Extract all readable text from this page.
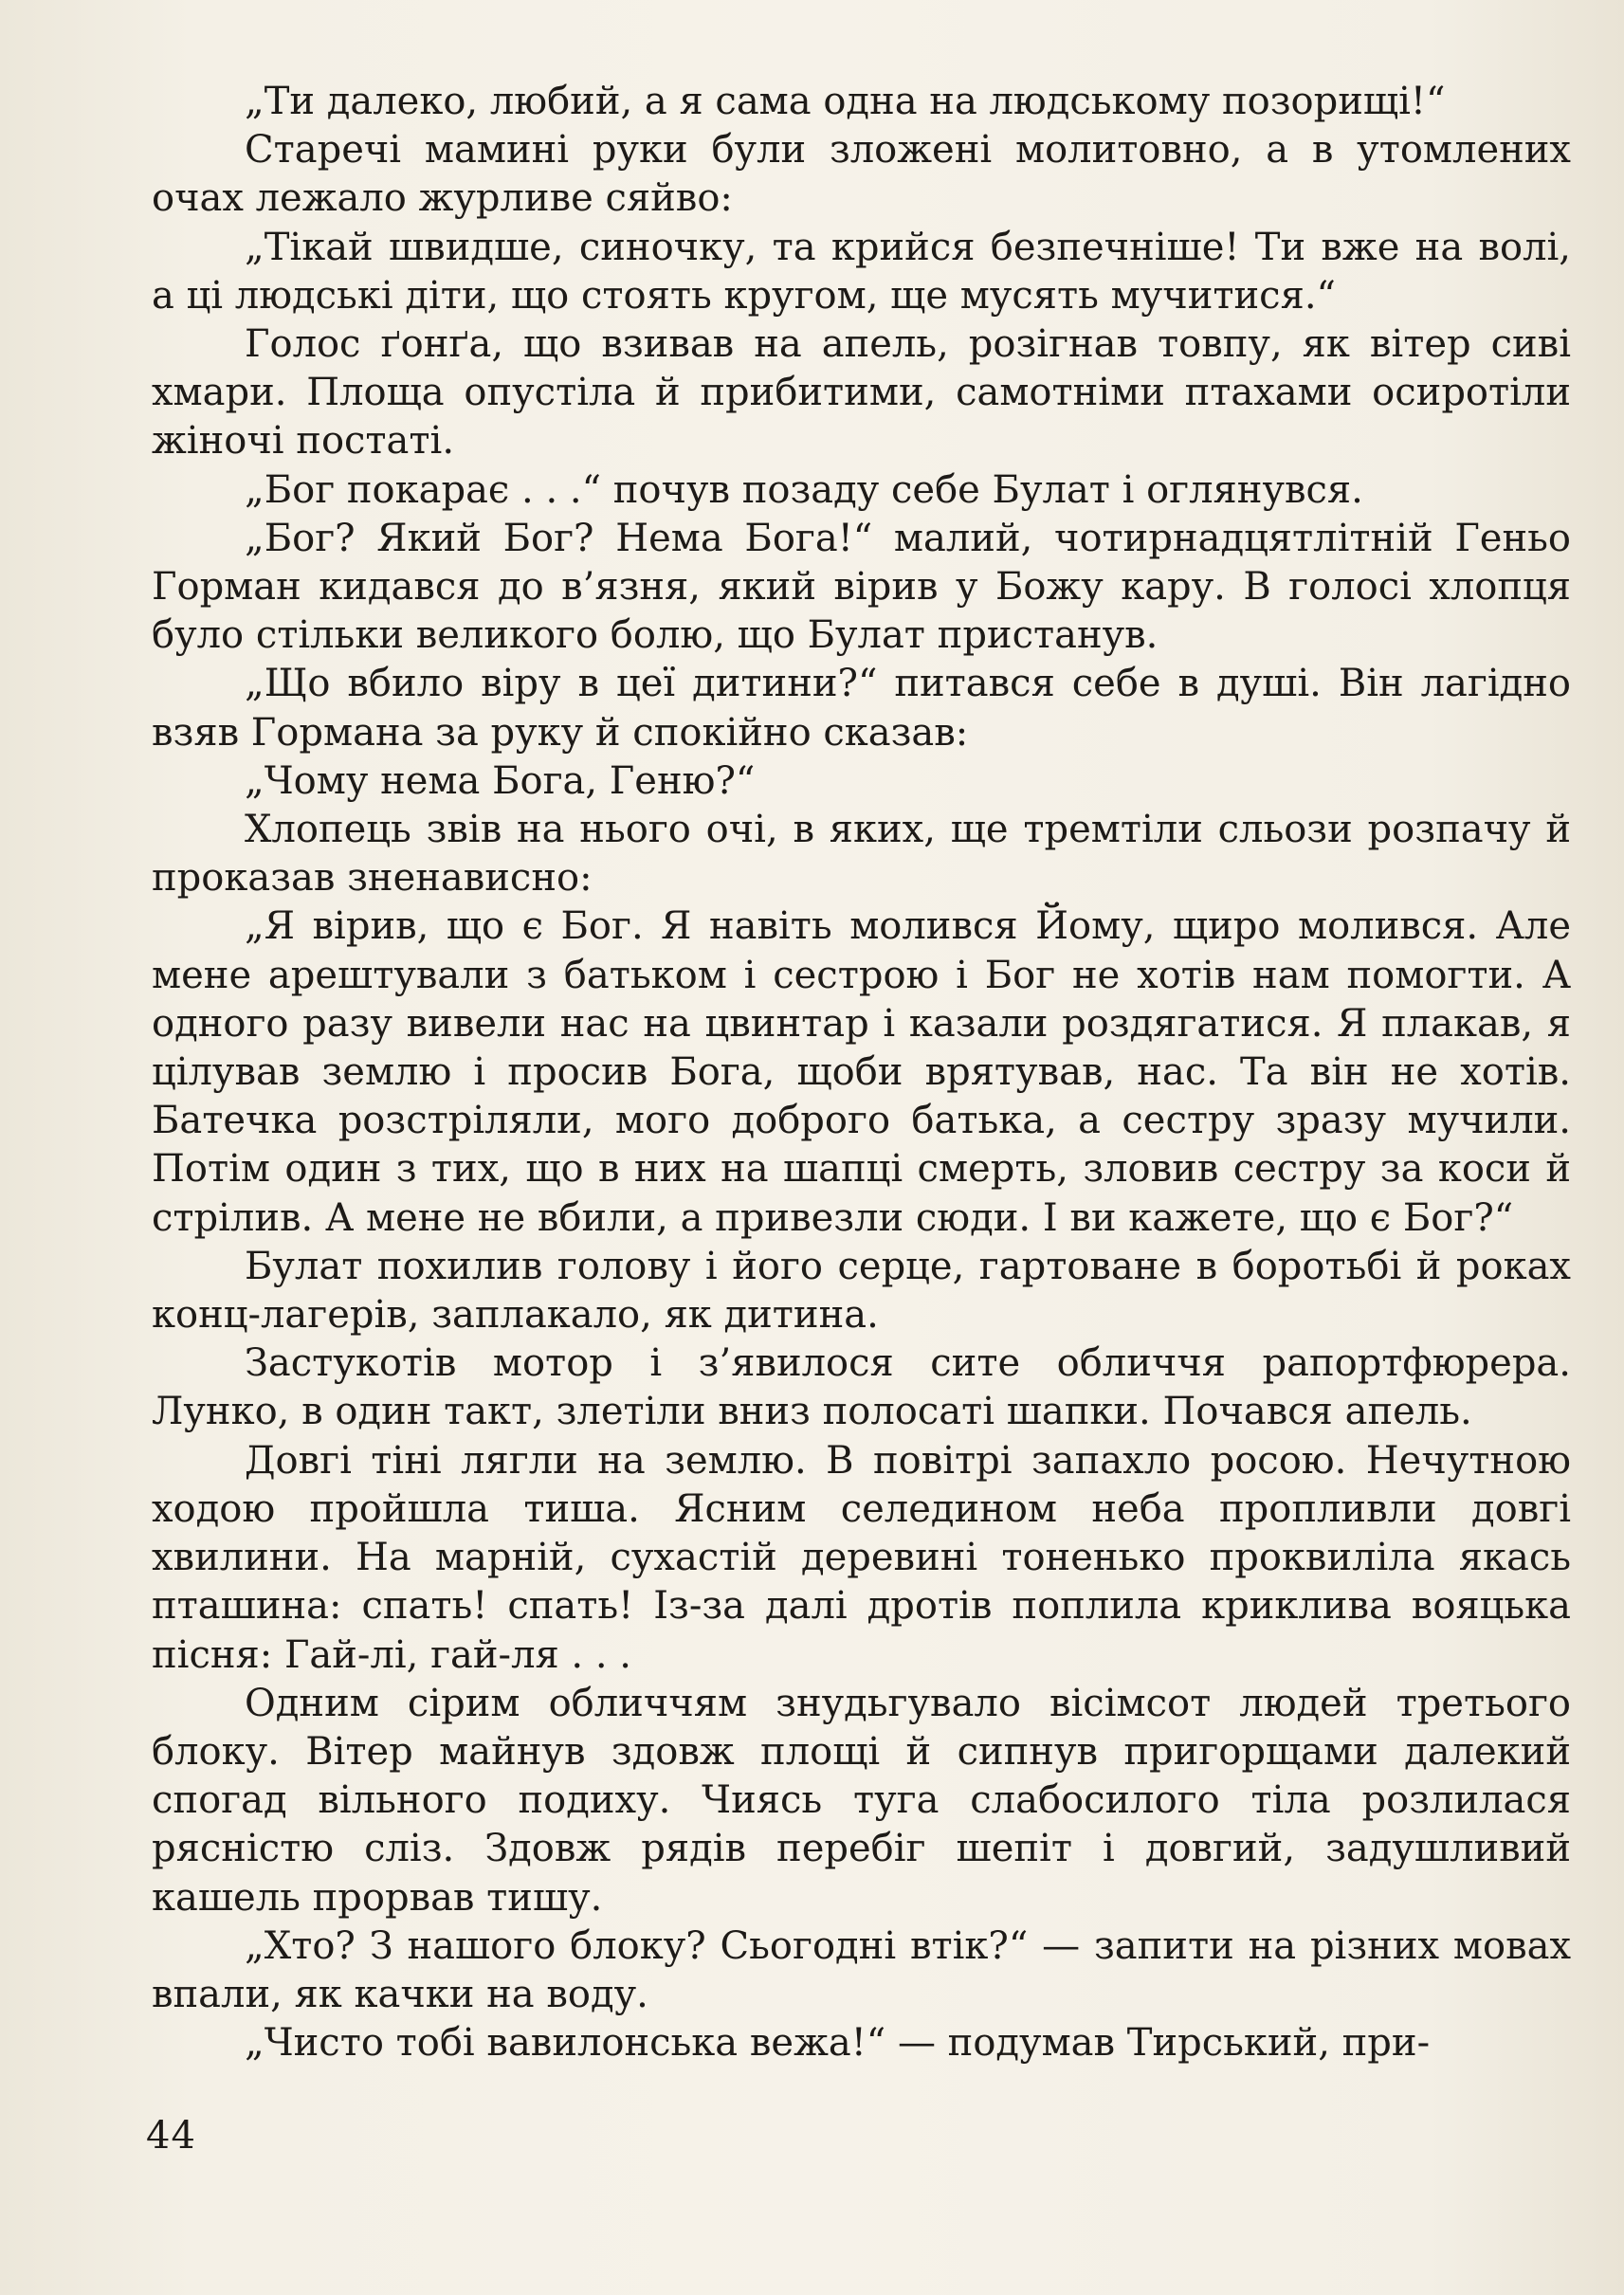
„Ти далеко, любий, а я сама одна на людському позорищі!“

Старечі мамині руки були зложені молитовно, а в утомлених очах лежало журливе сяйво:

„Тікай швидше, синочку, та крийся безпечніше! Ти вже на волі, а ці людські діти, що стоять кругом, ще мусять мучитися.“

Голос ґонґа, що взивав на апель, розігнав товпу, як вітер сиві хмари. Площа опустіла й прибитими, самотніми птахами осиротіли жіночі постаті.

„Бог покарає . . .“ почув позаду себе Булат і оглянувся.

„Бог? Який Бог? Нема Бога!“ малий, чотирнадцятлітній Геньо Горман кидався до в’язня, який вірив у Божу кару. В голосі хлопця було стільки великого болю, що Булат пристанув.

„Що вбило віру в цеї дитини?“ питався себе в душі. Він лагідно взяв Гормана за руку й спокійно сказав:

„Чому нема Бога, Геню?“

Хлопець звів на нього очі, в яких, ще тремтіли сльози розпачу й проказав зненависно:

„Я вірив, що є Бог. Я навіть молився Йому, щиро молився. Але мене арештували з батьком і сестрою і Бог не хотів нам помогти. А одного разу вивели нас на цвинтар і казали роздягатися. Я плакав, я цілував землю і просив Бога, щоби врятував, нас. Та він не хотів. Батечка розстріляли, мого доброго батька, а сестру зразу мучили. Потім один з тих, що в них на шапці смерть, зловив сестру за коси й стрілив. А мене не вбили, а привезли сюди. І ви кажете, що є Бог?“

Булат похилив голову і його серце, гартоване в боротьбі й роках конц-лагерів, заплакало, як дитина.

Застукотів мотор і з’явилося сите обличчя рапортфюрера. Лунко, в один такт, злетіли вниз полосаті шапки. Почався апель.

Довгі тіні лягли на землю. В повітрі запахло росою. Нечутною ходою пройшла тиша. Ясним селедином неба пропливли довгі хвилини. На марній, сухастій деревині тоненько проквиліла якась пташина: спать! спать! Із-за далі дротів поплила криклива вояцька пісня: Гай-лі, гай-ля . . .

Одним сірим обличчям знудьгувало вісімсот людей третього блоку. Вітер майнув здовж площі й сипнув пригорщами далекий спогад вільного подиху. Чиясь туга слабосилого тіла розлилася рясністю сліз. Здовж рядів перебіг шепіт і довгий, задушливий кашель прорвав тишу.

„Хто? З нашого блоку? Сьогодні втік?“ — запити на різних мовах впали, як качки на воду.

„Чисто тобі вавилонська вежа!“ — подумав Тирський, при-

44
